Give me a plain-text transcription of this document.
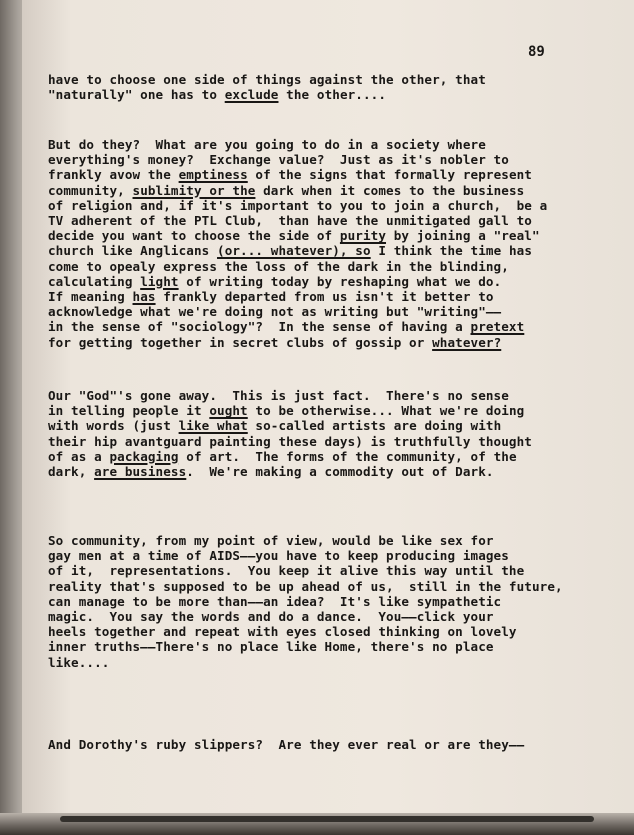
89
have to choose one side of things against the other, that
"naturally" one has to exclude the other....
But do they?  What are you going to do in a society where
everything's money?  Exchange value?  Just as it's nobler to
frankly avow the emptiness of the signs that formally represent
community, sublimity or the dark when it comes to the business
of religion and, if it's important to you to join a church,  be a
TV adherent of the PTL Club,  than have the unmitigated gall to
decide you want to choose the side of purity by joining a "real"
church like Anglicans (or... whatever), so I think the time has
come to opealy express the loss of the dark in the blinding,
calculating light of writing today by reshaping what we do.
If meaning has frankly departed from us isn't it better to
acknowledge what we're doing not as writing but "writing"——
in the sense of "sociology"?  In the sense of having a pretext
for getting together in secret clubs of gossip or whatever?
Our "God"'s gone away.  This is just fact.  There's no sense
in telling people it ought to be otherwise... What we're doing
with words (just like what so-called artists are doing with
their hip avantguard painting these days) is truthfully thought
of as a packaging of art.  The forms of the community, of the
dark, are business.  We're making a commodity out of Dark.
So community, from my point of view, would be like sex for
gay men at a time of AIDS——you have to keep producing images
of it,  representations.  You keep it alive this way until the
reality that's supposed to be up ahead of us,  still in the future,
can manage to be more than——an idea?  It's like sympathetic
magic.  You say the words and do a dance.  You——click your
heels together and repeat with eyes closed thinking on lovely
inner truths——There's no place like Home, there's no place
like....
And Dorothy's ruby slippers?  Are they ever real or are they——
